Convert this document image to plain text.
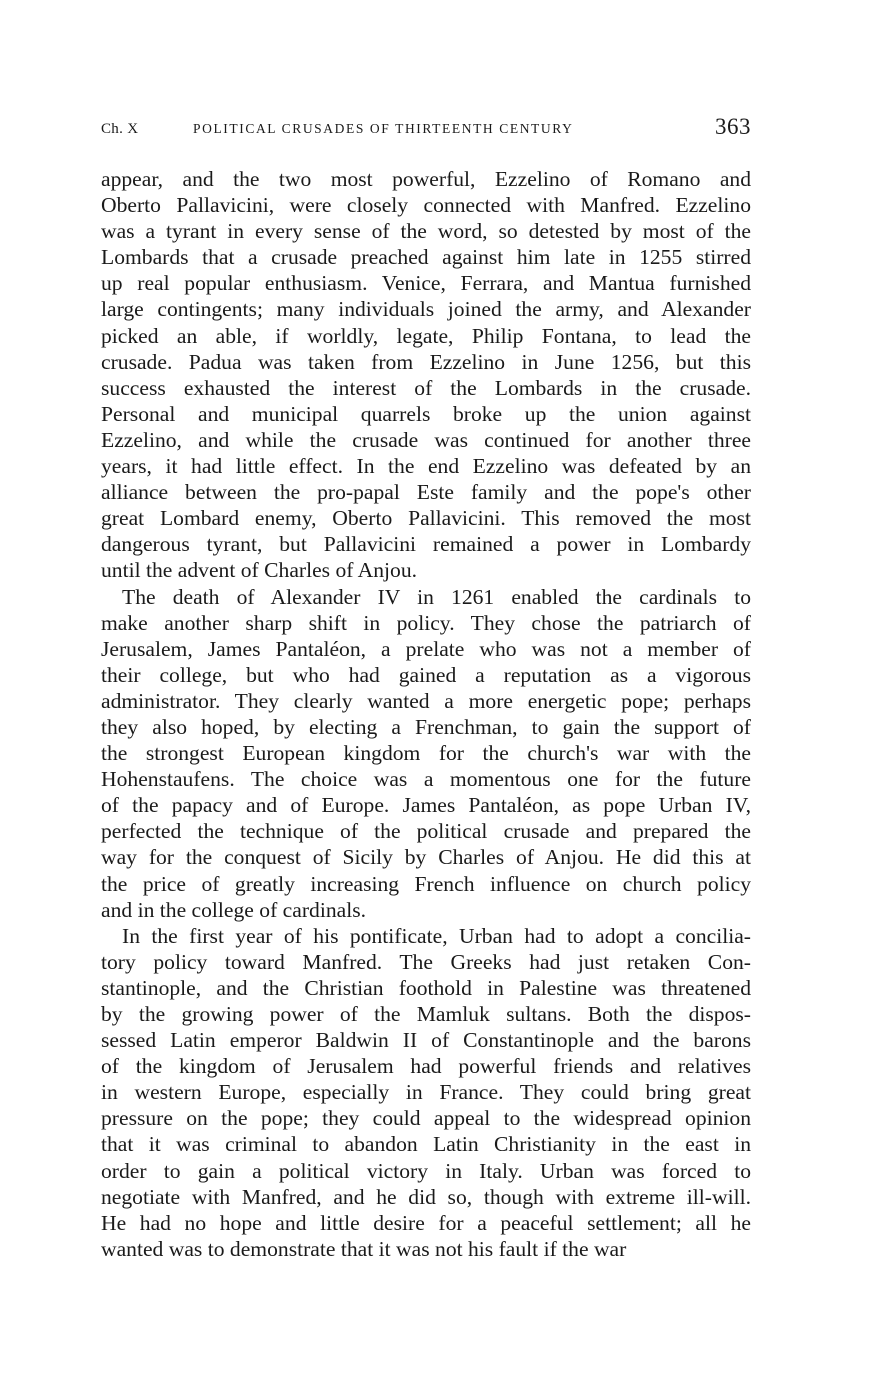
Ch. X	POLITICAL CRUSADES OF THIRTEENTH CENTURY	363

appear, and the two most powerful, Ezzelino of Romano and
Oberto Pallavicini, were closely connected with Manfred. Ezzelino
was a tyrant in every sense of the word, so detested by most of the
Lombards that a crusade preached against him late in 1255 stirred
up real popular enthusiasm. Venice, Ferrara, and Mantua furnished
large contingents; many individuals joined the army, and Alexander
picked an able, if worldly, legate, Philip Fontana, to lead the
crusade. Padua was taken from Ezzelino in June 1256, but this
success exhausted the interest of the Lombards in the crusade.
Personal and municipal quarrels broke up the union against
Ezzelino, and while the crusade was continued for another three
years, it had little effect. In the end Ezzelino was defeated by an
alliance between the pro-papal Este family and the pope's other
great Lombard enemy, Oberto Pallavicini. This removed the most
dangerous tyrant, but Pallavicini remained a power in Lombardy
until the advent of Charles of Anjou.

The death of Alexander IV in 1261 enabled the cardinals to
make another sharp shift in policy. They chose the patriarch of
Jerusalem, James Pantaléon, a prelate who was not a member of
their college, but who had gained a reputation as a vigorous
administrator. They clearly wanted a more energetic pope; perhaps
they also hoped, by electing a Frenchman, to gain the support of
the strongest European kingdom for the church's war with the
Hohenstaufens. The choice was a momentous one for the future
of the papacy and of Europe. James Pantaléon, as pope Urban IV,
perfected the technique of the political crusade and prepared the
way for the conquest of Sicily by Charles of Anjou. He did this at
the price of greatly increasing French influence on church policy
and in the college of cardinals.

In the first year of his pontificate, Urban had to adopt a concilia-
tory policy toward Manfred. The Greeks had just retaken Con-
stantinople, and the Christian foothold in Palestine was threatened
by the growing power of the Mamluk sultans. Both the dispos-
sessed Latin emperor Baldwin II of Constantinople and the barons
of the kingdom of Jerusalem had powerful friends and relatives
in western Europe, especially in France. They could bring great
pressure on the pope; they could appeal to the widespread opinion
that it was criminal to abandon Latin Christianity in the east in
order to gain a political victory in Italy. Urban was forced to
negotiate with Manfred, and he did so, though with extreme ill-will.
He had no hope and little desire for a peaceful settlement; all he
wanted was to demonstrate that it was not his fault if the war
